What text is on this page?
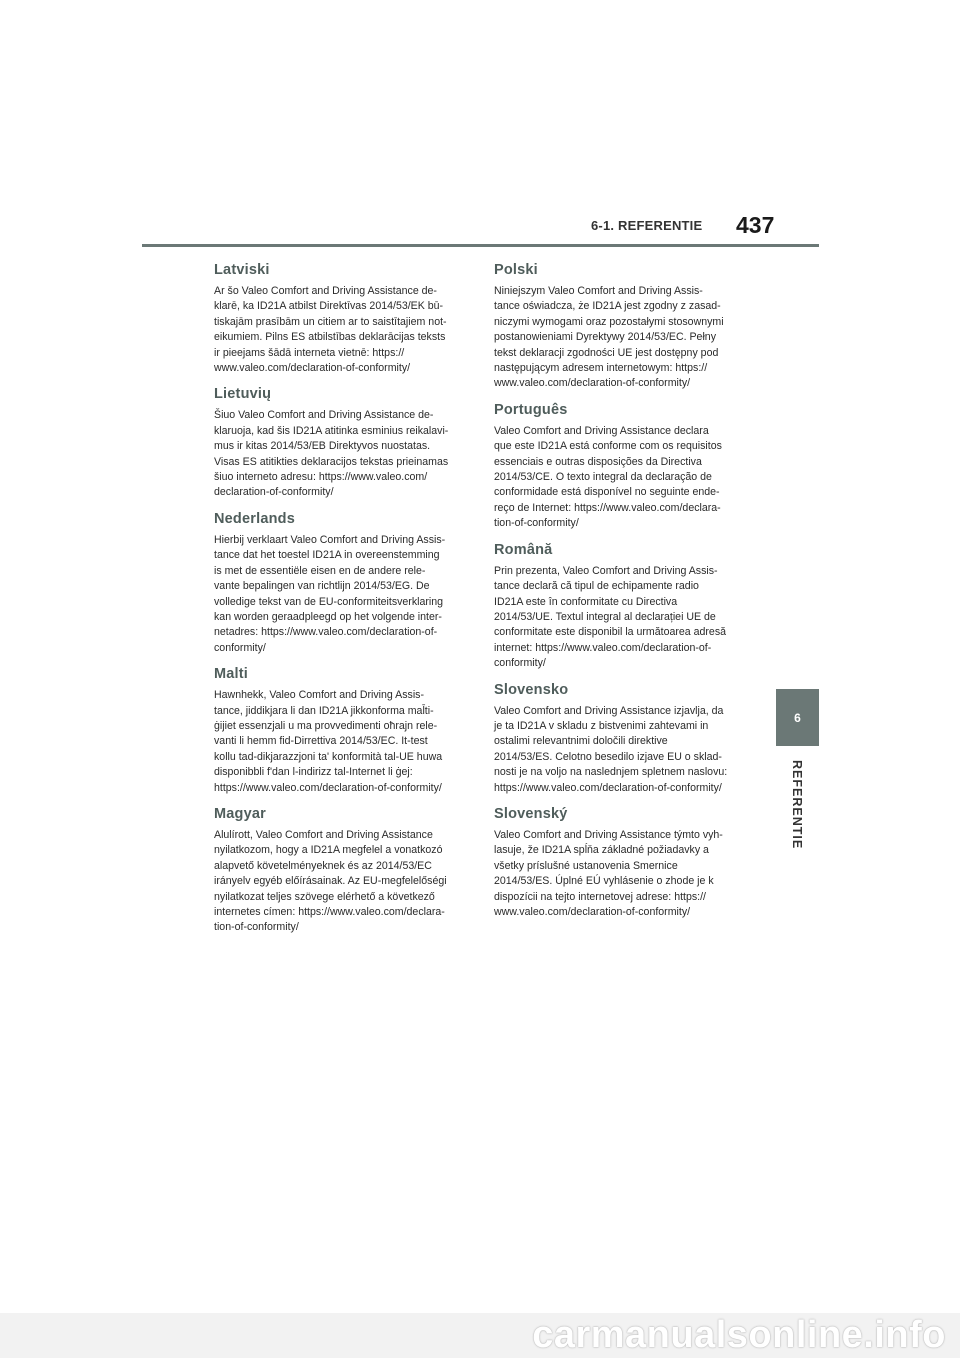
6-1. REFERENTIE 437
Latviski

Ar šo Valeo Comfort and Driving Assistance de-
klarē, ka ID21A atbilst Direktīvas 2014/53/EK bū-
tiskajām prasībām un citiem ar to saistītajiem not-
eikumiem. Pilns ES atbilstības deklarācijas teksts
ir pieejams šādā interneta vietnē: https://
www.valeo.com/declaration-of-conformity/

Lietuvių

Šiuo Valeo Comfort and Driving Assistance de-
klaruoja, kad šis ID21A atitinka esminius reikalavi-
mus ir kitas 2014/53/EB Direktyvos nuostatas.
Visas ES atitikties deklaracijos tekstas prieinamas
šiuo interneto adresu: https://www.valeo.com/
declaration-of-conformity/

Nederlands

Hierbij verklaart Valeo Comfort and Driving Assis-
tance dat het toestel ID21A in overeenstemming
is met de essentiële eisen en de andere rele-
vante bepalingen van richtlijn 2014/53/EG. De
volledige tekst van de EU-conformiteitsverklaring
kan worden geraadpleegd op het volgende inter-
netadres: https://www.valeo.com/declaration-of-
conformity/

Malti

Hawnhekk, Valeo Comfort and Driving Assis-
tance, jiddikjara li dan ID21A jikkonforma mal̄ti-
ġijiet essenzjali u ma provvedimenti oħrajn rele-
vanti li hemm fid-Dirrettiva 2014/53/EC. It-test
kollu tad-dikjarazzjoni ta' konformità tal-UE huwa
disponibbli f'dan l-indirizz tal-Internet li ġej:
https://www.valeo.com/declaration-of-conformity/

Magyar

Alulírott, Valeo Comfort and Driving Assistance
nyilatkozom, hogy a ID21A megfelel a vonatkozó
alapvető követelményeknek és az 2014/53/EC
irányelv egyéb előírásainak. Az EU-megfelelőségi
nyilatkozat teljes szövege elérhető a következő
internetes címen: https://www.valeo.com/declara-
tion-of-conformity/

Polski

Niniejszym Valeo Comfort and Driving Assis-
tance oświadcza, że ID21A jest zgodny z zasad-
niczymi wymogami oraz pozostałymi stosownymi
postanowieniami Dyrektywy 2014/53/EC. Pełny
tekst deklaracji zgodności UE jest dostępny pod
następującym adresem internetowym: https://
www.valeo.com/declaration-of-conformity/

Português

Valeo Comfort and Driving Assistance declara
que este ID21A está conforme com os requisitos
essenciais e outras disposições da Directiva
2014/53/CE. O texto integral da declaração de
conformidade está disponível no seguinte ende-
reço de Internet: https://www.valeo.com/declara-
tion-of-conformity/

Română

Prin prezenta, Valeo Comfort and Driving Assis-
tance declară că tipul de echipamente radio
ID21A este în conformitate cu Directiva
2014/53/UE. Textul integral al declarației UE de
conformitate este disponibil la următoarea adresă
internet: https://www.valeo.com/declaration-of-
conformity/

Slovensko

Valeo Comfort and Driving Assistance izjavlja, da
je ta ID21A v skladu z bistvenimi zahtevami in
ostalimi relevantnimi določili direktive
2014/53/ES. Celotno besedilo izjave EU o sklad-
nosti je na voljo na naslednjem spletnem naslovu:
https://www.valeo.com/declaration-of-conformity/

Slovenský

Valeo Comfort and Driving Assistance týmto vyh-
lasuje, že ID21A spĺňa základné požiadavky a
všetky príslušné ustanovenia Smernice
2014/53/ES. Úplné EÚ vyhlásenie o zhode je k
dispozícii na tejto internetovej adrese: https://
www.valeo.com/declaration-of-conformity/

6
REFERENTIE
carmanualsonline.info
